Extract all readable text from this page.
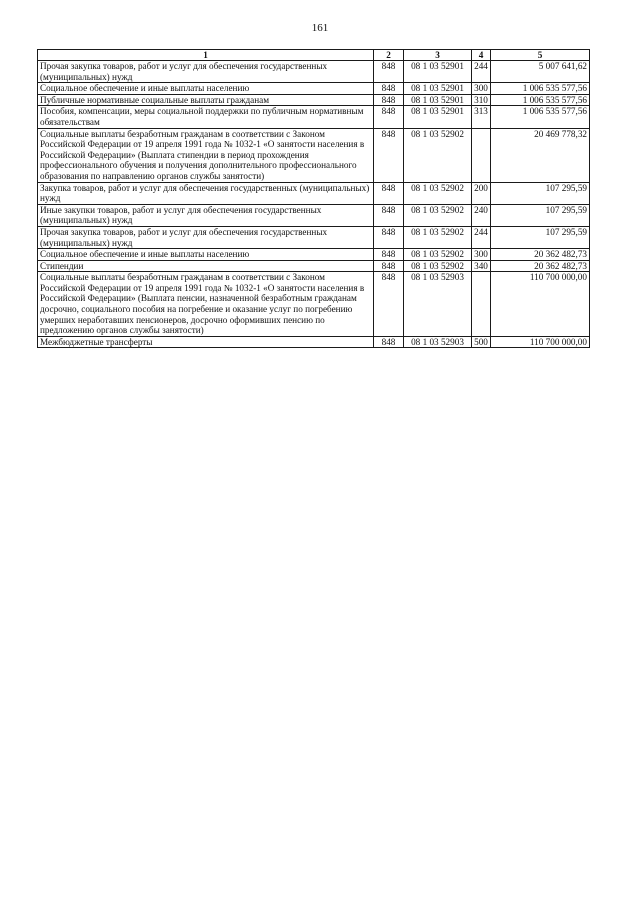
161
1	2	3	4	5
Прочая закупка товаров, работ и услуг для обеспечения государственных (муниципальных) нужд	848	08 1 03 52901	244	5 007 641,62
Социальное обеспечение и иные выплаты населению	848	08 1 03 52901	300	1 006 535 577,56
Публичные нормативные социальные выплаты гражданам	848	08 1 03 52901	310	1 006 535 577,56
Пособия, компенсации, меры социальной поддержки по публичным нормативным обязательствам	848	08 1 03 52901	313	1 006 535 577,56
Социальные выплаты безработным гражданам в соответствии с Законом Российской Федерации от 19 апреля 1991 года № 1032-1 «О занятости населения в Российской Федерации» (Выплата стипендии в период прохождения профессионального обучения и получения дополнительного профессионального образования по направлению органов службы занятости)	848	08 1 03 52902		20 469 778,32
Закупка товаров, работ и услуг для обеспечения государственных (муниципальных) нужд	848	08 1 03 52902	200	107 295,59
Иные закупки товаров, работ и услуг для обеспечения государственных (муниципальных) нужд	848	08 1 03 52902	240	107 295,59
Прочая закупка товаров, работ и услуг для обеспечения государственных (муниципальных) нужд	848	08 1 03 52902	244	107 295,59
Социальное обеспечение и иные выплаты населению	848	08 1 03 52902	300	20 362 482,73
Стипендии	848	08 1 03 52902	340	20 362 482,73
Социальные выплаты безработным гражданам в соответствии с Законом Российской Федерации от 19 апреля 1991 года № 1032-1 «О занятости населения в Российской Федерации» (Выплата пенсии, назначенной безработным гражданам досрочно, социального пособия на погребение и оказание услуг по погребению умерших неработавших пенсионеров, досрочно оформивших пенсию по предложению органов службы занятости)	848	08 1 03 52903		110 700 000,00
Межбюджетные трансферты	848	08 1 03 52903	500	110 700 000,00
